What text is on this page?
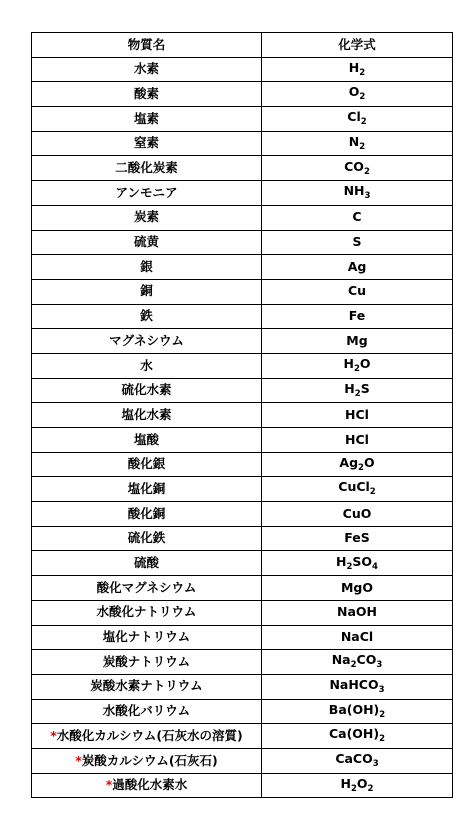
物質名	化学式
水素	$H_2$
酸素	$O_2$
塩素	$Cl_2$
窒素	$N_2$
二酸化炭素	$CO_2$
アンモニア	$NH_3$
炭素	C
硫黄	S
銀	Ag
銅	Cu
鉄	Fe
マグネシウム	Mg
水	$H_2O$
硫化水素	$H_2S$
塩化水素	HCl
塩酸	HCl
酸化銀	$Ag_2O$
塩化銅	CuCl$_2$
酸化銅	CuO
硫化鉄	FeS
硫酸	$H_2SO_4$
酸化マグネシウム	MgO
水酸化ナトリウム	NaOH
塩化ナトリウム	NaCl
炭酸ナトリウム	$Na_2CO_3$
炭酸水素ナトリウム	NaHCO$_3$
水酸化バリウム	$Ba(OH)_2$
*水酸化カルシウム(石灰水の溶質)	$Ca(OH)_2$
*炭酸カルシウム(石灰石)	CaCO$_3$
*過酸化水素水	$H_2O_2$
